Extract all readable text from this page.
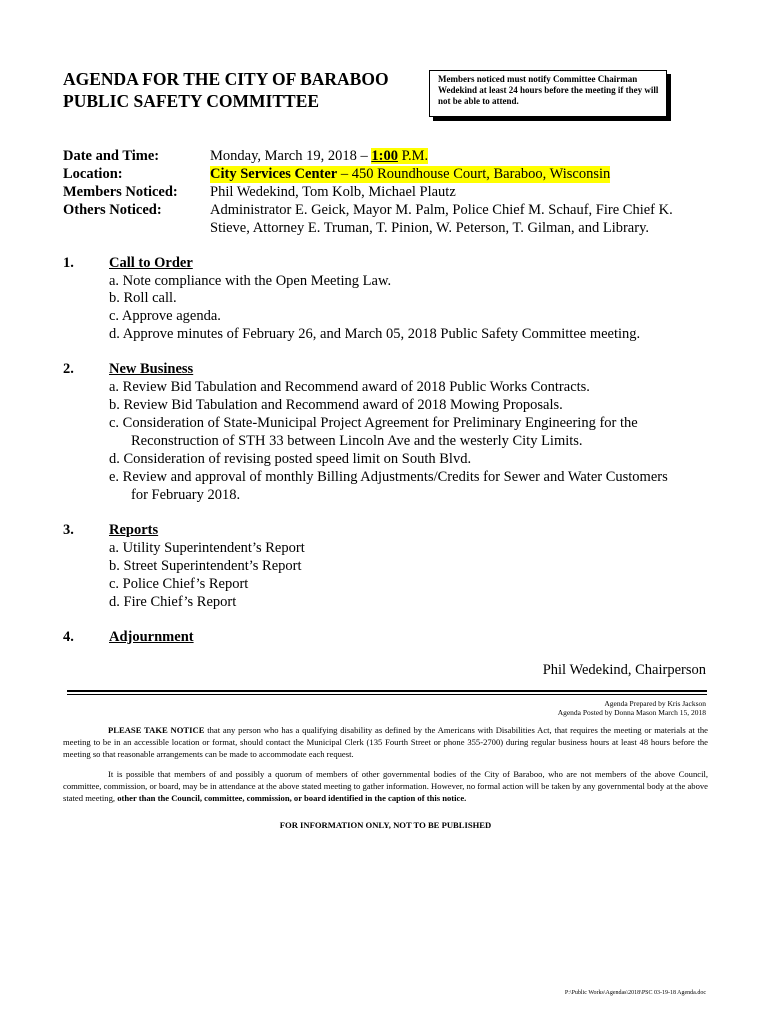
AGENDA FOR THE CITY OF BARABOO
PUBLIC SAFETY COMMITTEE
Members noticed must notify Committee Chairman Wedekind at least 24 hours before the meeting if they will not be able to attend.
Date and Time:	Monday, March 19, 2018 – 1:00 P.M.
Location:	City Services Center – 450 Roundhouse Court, Baraboo, Wisconsin
Members Noticed: Phil Wedekind, Tom Kolb, Michael Plautz
Others Noticed:	Administrator E. Geick, Mayor M. Palm, Police Chief M. Schauf, Fire Chief K.
Stieve, Attorney E. Truman, T. Pinion, W. Peterson, T. Gilman, and Library.
1. Call to Order
a. Note compliance with the Open Meeting Law.
b. Roll call.
c. Approve agenda.
d. Approve minutes of February 26, and March 05, 2018 Public Safety Committee meeting.
2. New Business
a. Review Bid Tabulation and Recommend award of 2018 Public Works Contracts.
b. Review Bid Tabulation and Recommend award of 2018 Mowing Proposals.
c. Consideration of State-Municipal Project Agreement for Preliminary Engineering for the
Reconstruction of STH 33 between Lincoln Ave and the westerly City Limits.
d. Consideration of revising posted speed limit on South Blvd.
e. Review and approval of monthly Billing Adjustments/Credits for Sewer and Water Customers
for February 2018.
3. Reports
a. Utility Superintendent’s Report
b. Street Superintendent’s Report
c. Police Chief’s Report
d. Fire Chief’s Report
4. Adjournment
Phil Wedekind, Chairperson
Agenda Prepared by Kris Jackson
Agenda Posted by Donna Mason March 15, 2018
PLEASE TAKE NOTICE that any person who has a qualifying disability as defined by the Americans with Disabilities Act, that requires the meeting or materials at the meeting to be in an accessible location or format, should contact the Municipal Clerk (135 Fourth Street or phone 355-2700) during regular business hours at least 48 hours before the meeting so that reasonable arrangements can be made to accommodate each request.
It is possible that members of and possibly a quorum of members of other governmental bodies of the City of Baraboo, who are not members of the above Council, committee, commission, or board, may be in attendance at the above stated meeting to gather information. However, no formal action will be taken by any governmental body at the above stated meeting, other than the Council, committee, commission, or board identified in the caption of this notice.
FOR INFORMATION ONLY, NOT TO BE PUBLISHED
P:\Public Works\Agendas\2018\PSC 03-19-18 Agenda.doc
